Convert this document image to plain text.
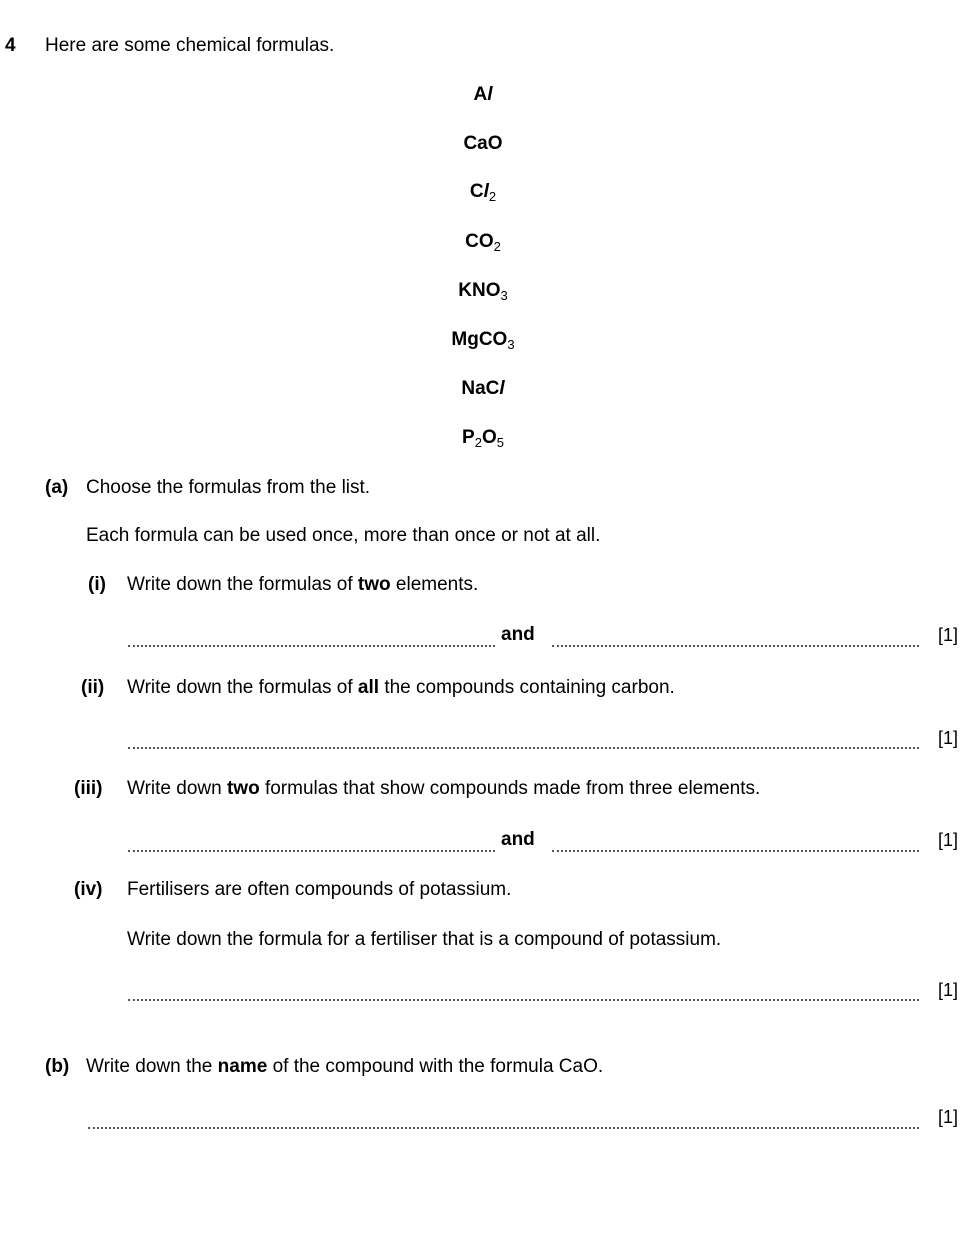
4 Here are some chemical formulas.
Al
CaO
$Cl_2$
$CO_2$
$KNO_3$
MgCO$_3$
NaCl
$P_2O_5$
(a) Choose the formulas from the list.
Each formula can be used once, more than once or not at all.
(i) Write down the formulas of two elements.
and	[1]
(ii) Write down the formulas of all the compounds containing carbon.
[1]
(iii) Write down two formulas that show compounds made from three elements.
and	[1]
(iv) Fertilisers are often compounds of potassium.
Write down the formula for a fertiliser that is a compound of potassium.
[1]
(b) Write down the name of the compound with the formula CaO.
[1]
